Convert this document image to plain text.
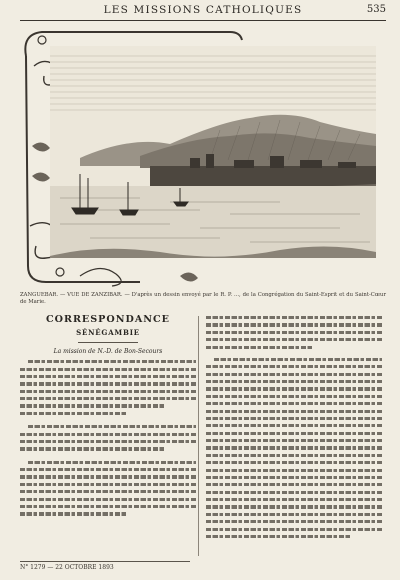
LES MISSIONS CATHOLIQUES	535
ZANGUEBAR. — VUE DE ZANZIBAR. — D'après un dessin envoyé par le R. P. ..., de la Congrégation du Saint-Esprit et du Saint-Cœur de Marie.
CORRESPONDANCE
SÉNÉGAMBIE
La mission de N.-D. de Bon-Secours
N° 1279 — 22 OCTOBRE 1893
